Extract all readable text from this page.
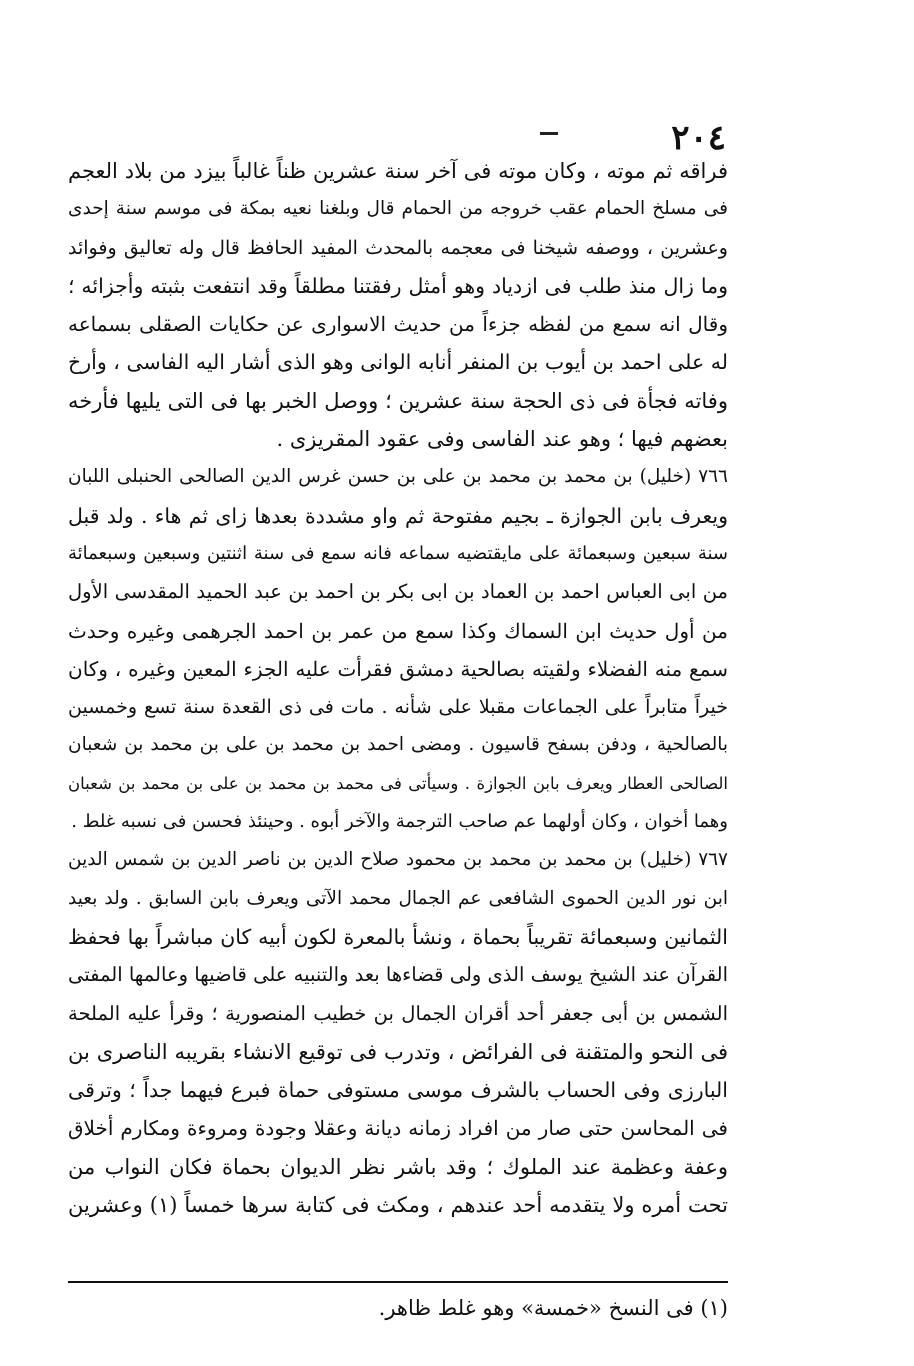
٢٠٤

فراقه ثم موته ، وكان موته فى آخر سنة عشرين ظناً غالباً بيزد من بلاد العجم

فى مسلخ الحمام عقب خروجه من الحمام قال وبلغنا نعيه بمكة فى موسم سنة إحدى

وعشرين ، ووصفه شيخنا فى معجمه بالمحدث المفيد الحافظ قال وله تعاليق وفوائد

وما زال منذ طلب فى ازدياد وهو أمثل رفقتنا مطلقاً وقد انتفعت بثبته وأجزائه ؛

وقال انه سمع من لفظه جزءاً من حديث الاسوارى عن حكايات الصقلى بسماعه

له على احمد بن أيوب بن المنفر أنابه الوانى وهو الذى أشار اليه الفاسى ، وأرخ

وفاته فجأة فى ذى الحجة سنة عشرين ؛ ووصل الخبر بها فى التى يليها فأرخه

بعضهم فيها ؛ وهو عند الفاسى وفى عقود المقريزى .

٧٦٦ (خليل) بن محمد بن محمد بن على بن حسن غرس الدين الصالحى الحنبلى اللبان

ويعرف بابن الجوازة ـ بجيم مفتوحة ثم واو مشددة بعدها زاى ثم هاء . ولد قبل

سنة سبعين وسبعمائة على مايقتضيه سماعه فانه سمع فى سنة اثنتين وسبعين وسبعمائة

من ابى العباس احمد بن العماد بن ابى بكر بن احمد بن عبد الحميد المقدسى الأول

من أول حديث ابن السماك وكذا سمع من عمر بن احمد الجرهمى وغيره وحدث

سمع منه الفضلاء ولقيته بصالحية دمشق فقرأت عليه الجزء المعين وغيره ، وكان

خيراً متابراً على الجماعات مقبلا على شأنه . مات فى ذى القعدة سنة تسع وخمسين

بالصالحية ، ودفن بسفح قاسيون . ومضى احمد بن محمد بن على بن محمد بن شعبان

الصالحى العطار ويعرف بابن الجوازة . وسيأتى فى محمد بن محمد بن على بن محمد بن شعبان

وهما أخوان ، وكان أولهما عم صاحب الترجمة والآخر أبوه . وحينئذ فحسن فى نسبه غلط .

٧٦٧ (خليل) بن محمد بن محمد بن محمود صلاح الدين بن ناصر الدين بن شمس الدين

ابن نور الدين الحموى الشافعى عم الجمال محمد الآتى ويعرف بابن السابق . ولد بعيد

الثمانين وسبعمائة تقريباً بحماة ، ونشأ بالمعرة لكون أبيه كان مباشراً بها فحفظ

القرآن عند الشيخ يوسف الذى ولى قضاءها بعد والتنبيه على قاضيها وعالمها المفتى

الشمس بن أبى جعفر أحد أقران الجمال بن خطيب المنصورية ؛ وقرأ عليه الملحة

فى النحو والمتقنة فى الفرائض ، وتدرب فى توقيع الانشاء بقريبه الناصرى بن

البارزى وفى الحساب بالشرف موسى مستوفى حماة فبرع فيهما جداً ؛ وترقى

فى المحاسن حتى صار من افراد زمانه ديانة وعقلا وجودة ومروءة ومكارم أخلاق

وعفة وعظمة عند الملوك ؛ وقد باشر نظر الديوان بحماة فكان النواب من

تحت أمره ولا يتقدمه أحد عندهم ، ومكث فى كتابة سرها خمساً (١) وعشرين

(١) فى النسخ «خمسة» وهو غلط ظاهر.
